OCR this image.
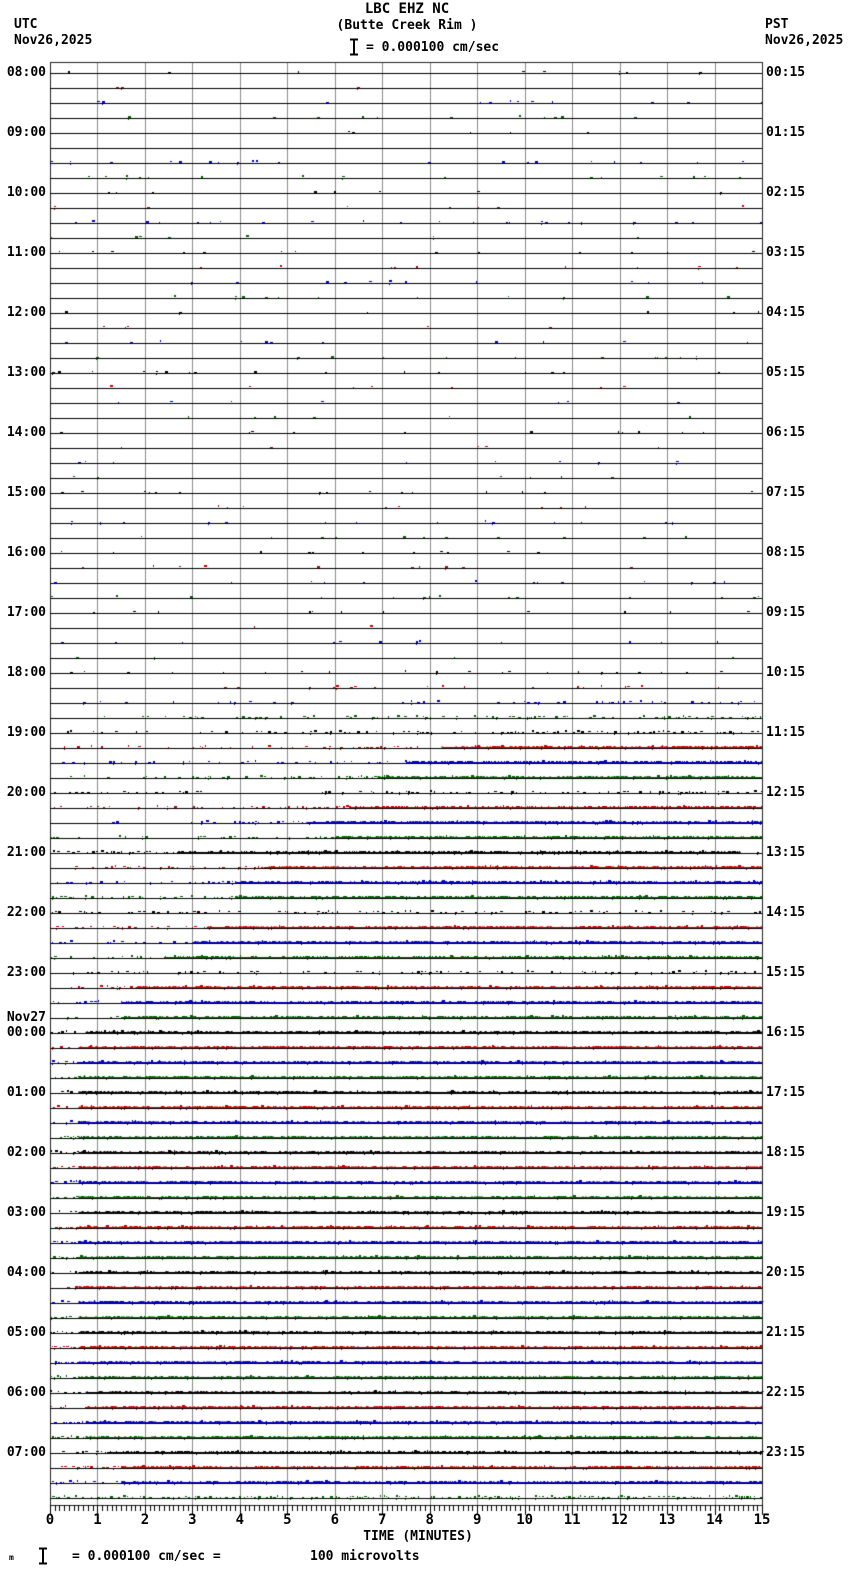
LBC EHZ NC
(Butte Creek Rim )
UTC
Nov26,2025
PST
Nov26,2025
= 0.000100 cm/sec
08:00
09:00
10:00
11:00
12:00
13:00
14:00
15:00
16:00
17:00
18:00
19:00
20:00
21:00
22:00
23:00
Nov27
00:00
01:00
02:00
03:00
04:00
05:00
06:00
07:00
00:15
01:15
02:15
03:15
04:15
05:15
06:15
07:15
08:15
09:15
10:15
11:15
12:15
13:15
14:15
15:15
16:15
17:15
18:15
19:15
20:15
21:15
22:15
23:15
0	1	2	3	4	5	6	7	8	9	10	11	12	13	14	15
TIME (MINUTES)
m	= 0.000100 cm/sec =	100 microvolts
